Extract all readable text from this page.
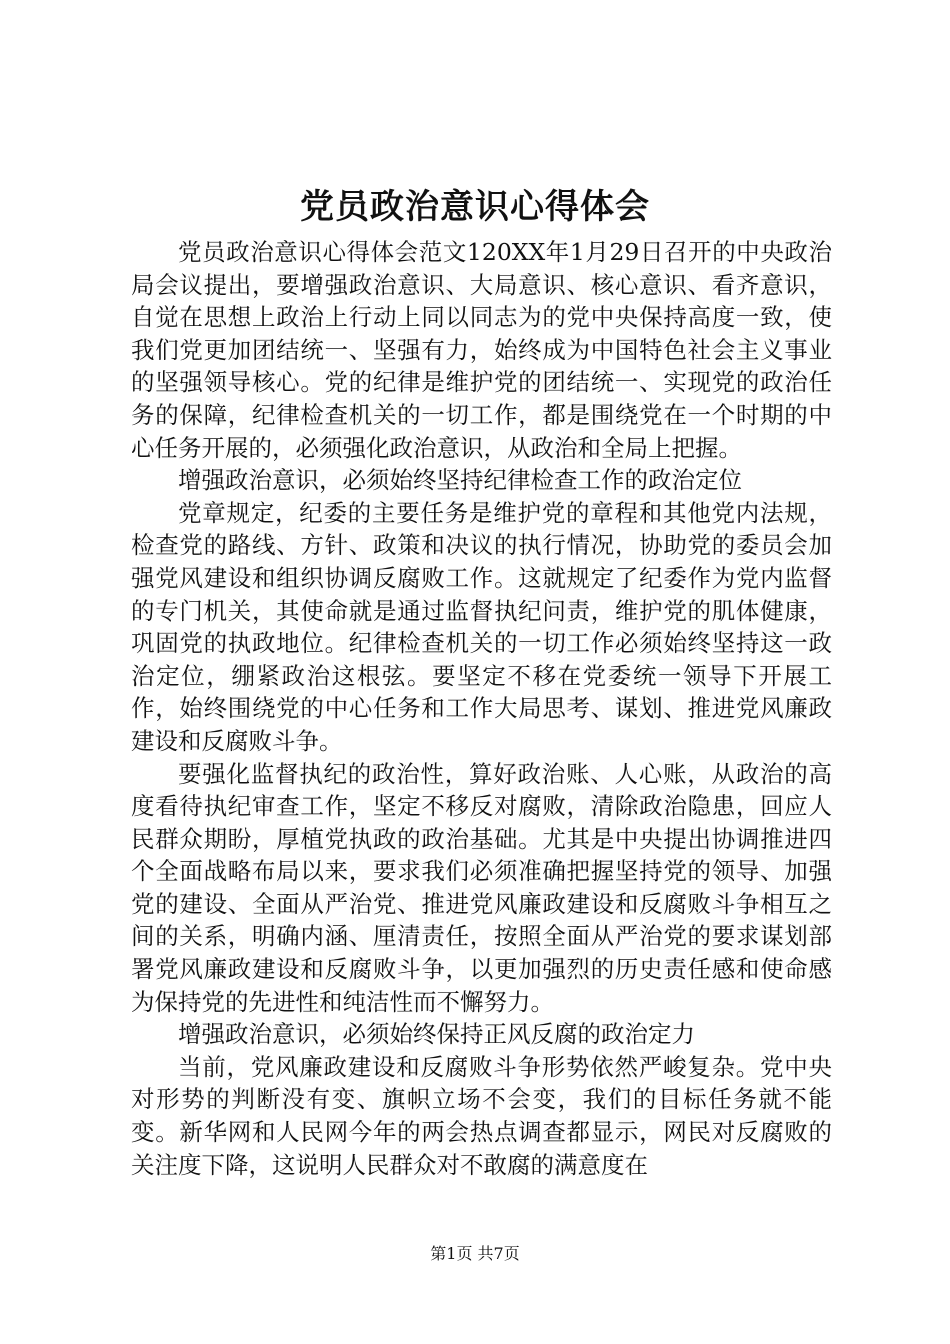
党员政治意识心得体会

党员政治意识心得体会范文120XX年1月29日召开的中央政治局会议提出，要增强政治意识、大局意识、核心意识、看齐意识，自觉在思想上政治上行动上同以同志为的党中央保持高度一致，使我们党更加团结统一、坚强有力，始终成为中国特色社会主义事业的坚强领导核心。党的纪律是维护党的团结统一、实现党的政治任务的保障，纪律检查机关的一切工作，都是围绕党在一个时期的中心任务开展的，必须强化政治意识，从政治和全局上把握。

增强政治意识，必须始终坚持纪律检查工作的政治定位

党章规定，纪委的主要任务是维护党的章程和其他党内法规，检查党的路线、方针、政策和决议的执行情况，协助党的委员会加强党风建设和组织协调反腐败工作。这就规定了纪委作为党内监督的专门机关，其使命就是通过监督执纪问责，维护党的肌体健康，巩固党的执政地位。纪律检查机关的一切工作必须始终坚持这一政治定位，绷紧政治这根弦。要坚定不移在党委统一领导下开展工作，始终围绕党的中心任务和工作大局思考、谋划、推进党风廉政建设和反腐败斗争。

要强化监督执纪的政治性，算好政治账、人心账，从政治的高度看待执纪审查工作，坚定不移反对腐败，清除政治隐患，回应人民群众期盼，厚植党执政的政治基础。尤其是中央提出协调推进四个全面战略布局以来，要求我们必须准确把握坚持党的领导、加强党的建设、全面从严治党、推进党风廉政建设和反腐败斗争相互之间的关系，明确内涵、厘清责任，按照全面从严治党的要求谋划部署党风廉政建设和反腐败斗争，以更加强烈的历史责任感和使命感为保持党的先进性和纯洁性而不懈努力。

增强政治意识，必须始终保持正风反腐的政治定力

当前，党风廉政建设和反腐败斗争形势依然严峻复杂。党中央对形势的判断没有变、旗帜立场不会变，我们的目标任务就不能变。新华网和人民网今年的两会热点调查都显示，网民对反腐败的关注度下降，这说明人民群众对不敢腐的满意度在

第1页 共7页
